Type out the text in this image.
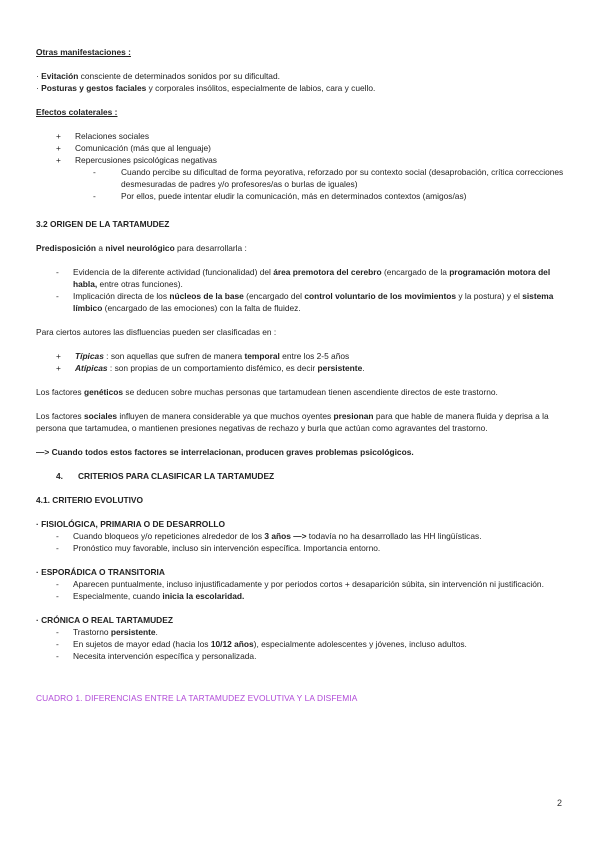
Otras manifestaciones :

· Evitación consciente de determinados sonidos por su dificultad.

· Posturas y gestos faciales y corporales insólitos, especialmente de labios, cara y cuello.

Efectos colaterales :

+ Relaciones sociales
+ Comunicación (más que al lenguaje)
+ Repercusiones psicológicas negativas
-	Cuando percibe su dificultad de forma peyorativa, reforzado por su contexto social (desaprobación, crítica correcciones desmesuradas de padres y/o profesores/as o burlas de iguales)
-	Por ellos, puede intentar eludir la comunicación, más en determinados contextos (amigos/as)

3.2 ORIGEN DE LA TARTAMUDEZ

Predisposición a nivel neurológico para desarrollarla :

- Evidencia de la diferente actividad (funcionalidad) del área premotora del cerebro (encargado de la programación motora del habla, entre otras funciones).
- Implicación directa de los núcleos de la base (encargado del control voluntario de los movimientos y la postura) y el sistema límbico (encargado de las emociones) con la falta de fluidez.

Para ciertos autores las disfluencias pueden ser clasificadas en :

+ Típicas : son aquellas que sufren de manera temporal entre los 2-5 años
+ Atípicas : son propias de un comportamiento disfémico, es decir persistente.

Los factores genéticos se deducen sobre muchas personas que tartamudean tienen ascendiente directos de este trastorno.

Los factores sociales influyen de manera considerable ya que muchos oyentes presionan para que hable de manera fluida y deprisa a la persona que tartamudea, o mantienen presiones negativas de rechazo y burla que actúan como agravantes del trastorno.

—> Cuando todos estos factores se interrelacionan, producen graves problemas psicológicos.

4. CRITERIOS PARA CLASIFICAR LA TARTAMUDEZ

4.1. CRITERIO EVOLUTIVO

· FISIOLÓGICA, PRIMARIA O DE DESARROLLO

- Cuando bloqueos y/o repeticiones alrededor de los 3 años —> todavía no ha desarrollado las HH lingüísticas.
- Pronóstico muy favorable, incluso sin intervención específica. Importancia entorno.

· ESPORÁDICA O TRANSITORIA

- Aparecen puntualmente, incluso injustificadamente y por periodos cortos + desaparición súbita, sin intervención ni justificación.
- Especialmente, cuando inicia la escolaridad.

· CRÓNICA O REAL TARTAMUDEZ

- Trastorno persistente.
- En sujetos de mayor edad (hacia los 10/12 años), especialmente adolescentes y jóvenes, incluso adultos.
- Necesita intervención específica y personalizada.

CUADRO 1. DIFERENCIAS ENTRE LA TARTAMUDEZ EVOLUTIVA Y LA DISFEMIA

2
